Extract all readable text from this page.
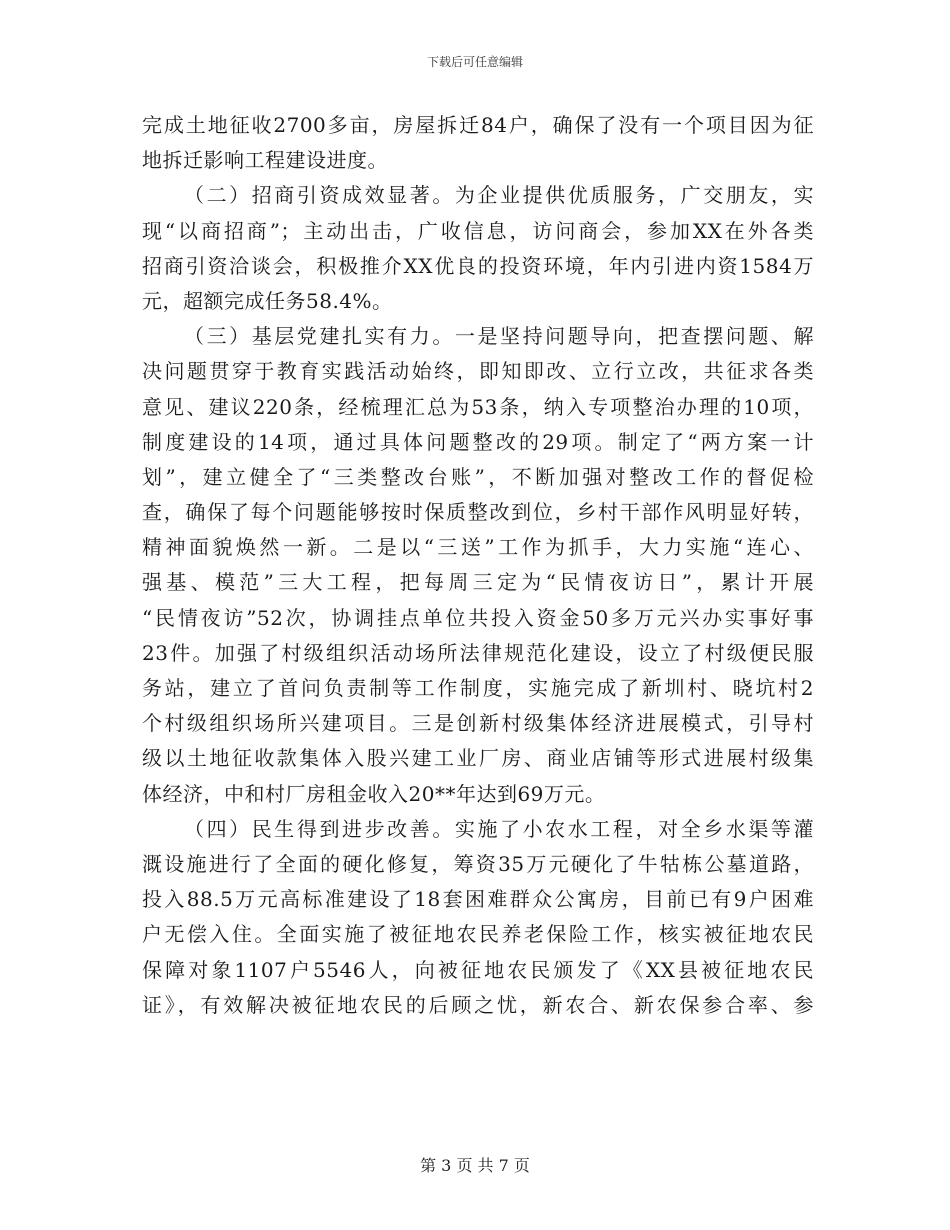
下载后可任意编辑
完成土地征收2700多亩，房屋拆迁84户，确保了没有一个项目因为征
地拆迁影响工程建设进度。
（二）招商引资成效显著。为企业提供优质服务，广交朋友，实
现“以商招商”；主动出击，广收信息，访问商会，参加XX在外各类
招商引资洽谈会，积极推介XX优良的投资环境，年内引进内资1584万
元，超额完成任务58.4%。
（三）基层党建扎实有力。一是坚持问题导向，把查摆问题、解
决问题贯穿于教育实践活动始终，即知即改、立行立改，共征求各类
意见、建议220条，经梳理汇总为53条，纳入专项整治办理的10项，
制度建设的14项，通过具体问题整改的29项。制定了“两方案一计
划”，建立健全了“三类整改台账”，不断加强对整改工作的督促检
查，确保了每个问题能够按时保质整改到位，乡村干部作风明显好转，
精神面貌焕然一新。二是以“三送”工作为抓手，大力实施“连心、
强基、模范”三大工程，把每周三定为“民情夜访日”，累计开展
“民情夜访”52次，协调挂点单位共投入资金50多万元兴办实事好事
23件。加强了村级组织活动场所法律规范化建设，设立了村级便民服
务站，建立了首问负责制等工作制度，实施完成了新圳村、晓坑村2
个村级组织场所兴建项目。三是创新村级集体经济进展模式，引导村
级以土地征收款集体入股兴建工业厂房、商业店铺等形式进展村级集
体经济，中和村厂房租金收入20**年达到69万元。
（四）民生得到进步改善。实施了小农水工程，对全乡水渠等灌
溉设施进行了全面的硬化修复，筹资35万元硬化了牛牯栋公墓道路，
投入88.5万元高标准建设了18套困难群众公寓房，目前已有9户困难
户无偿入住。全面实施了被征地农民养老保险工作，核实被征地农民
保障对象1107户5546人，向被征地农民颁发了《XX县被征地农民
证》，有效解决被征地农民的后顾之忧，新农合、新农保参合率、参
第 3 页 共 7 页
